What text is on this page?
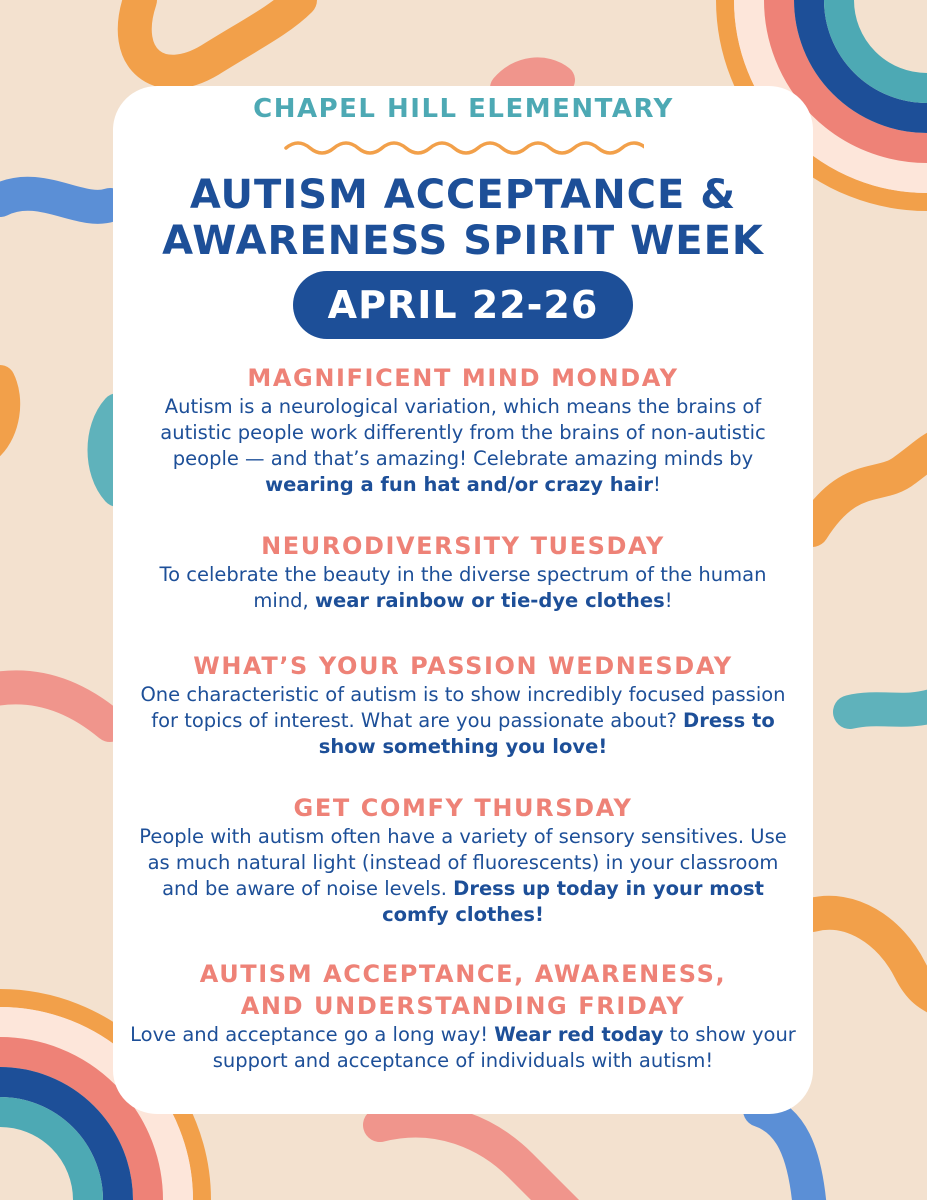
CHAPEL HILL ELEMENTARY
AUTISM ACCEPTANCE &
AWARENESS SPIRIT WEEK
APRIL 22-26
MAGNIFICENT MIND MONDAY

Autism is a neurological variation, which means the brains of autistic people work differently from the brains of non-autistic people — and that’s amazing! Celebrate amazing minds by wearing a fun hat and/or crazy hair!

NEURODIVERSITY TUESDAY

To celebrate the beauty in the diverse spectrum of the human mind, wear rainbow or tie-dye clothes!

WHAT’S YOUR PASSION WEDNESDAY

One characteristic of autism is to show incredibly focused passion for topics of interest. What are you passionate about? Dress to show something you love!

GET COMFY THURSDAY

People with autism often have a variety of sensory sensitives. Use as much natural light (instead of fluorescents) in your classroom and be aware of noise levels. Dress up today in your most comfy clothes!

AUTISM ACCEPTANCE, AWARENESS,
AND UNDERSTANDING FRIDAY

Love and acceptance go a long way! Wear red today to show your support and acceptance of individuals with autism!
